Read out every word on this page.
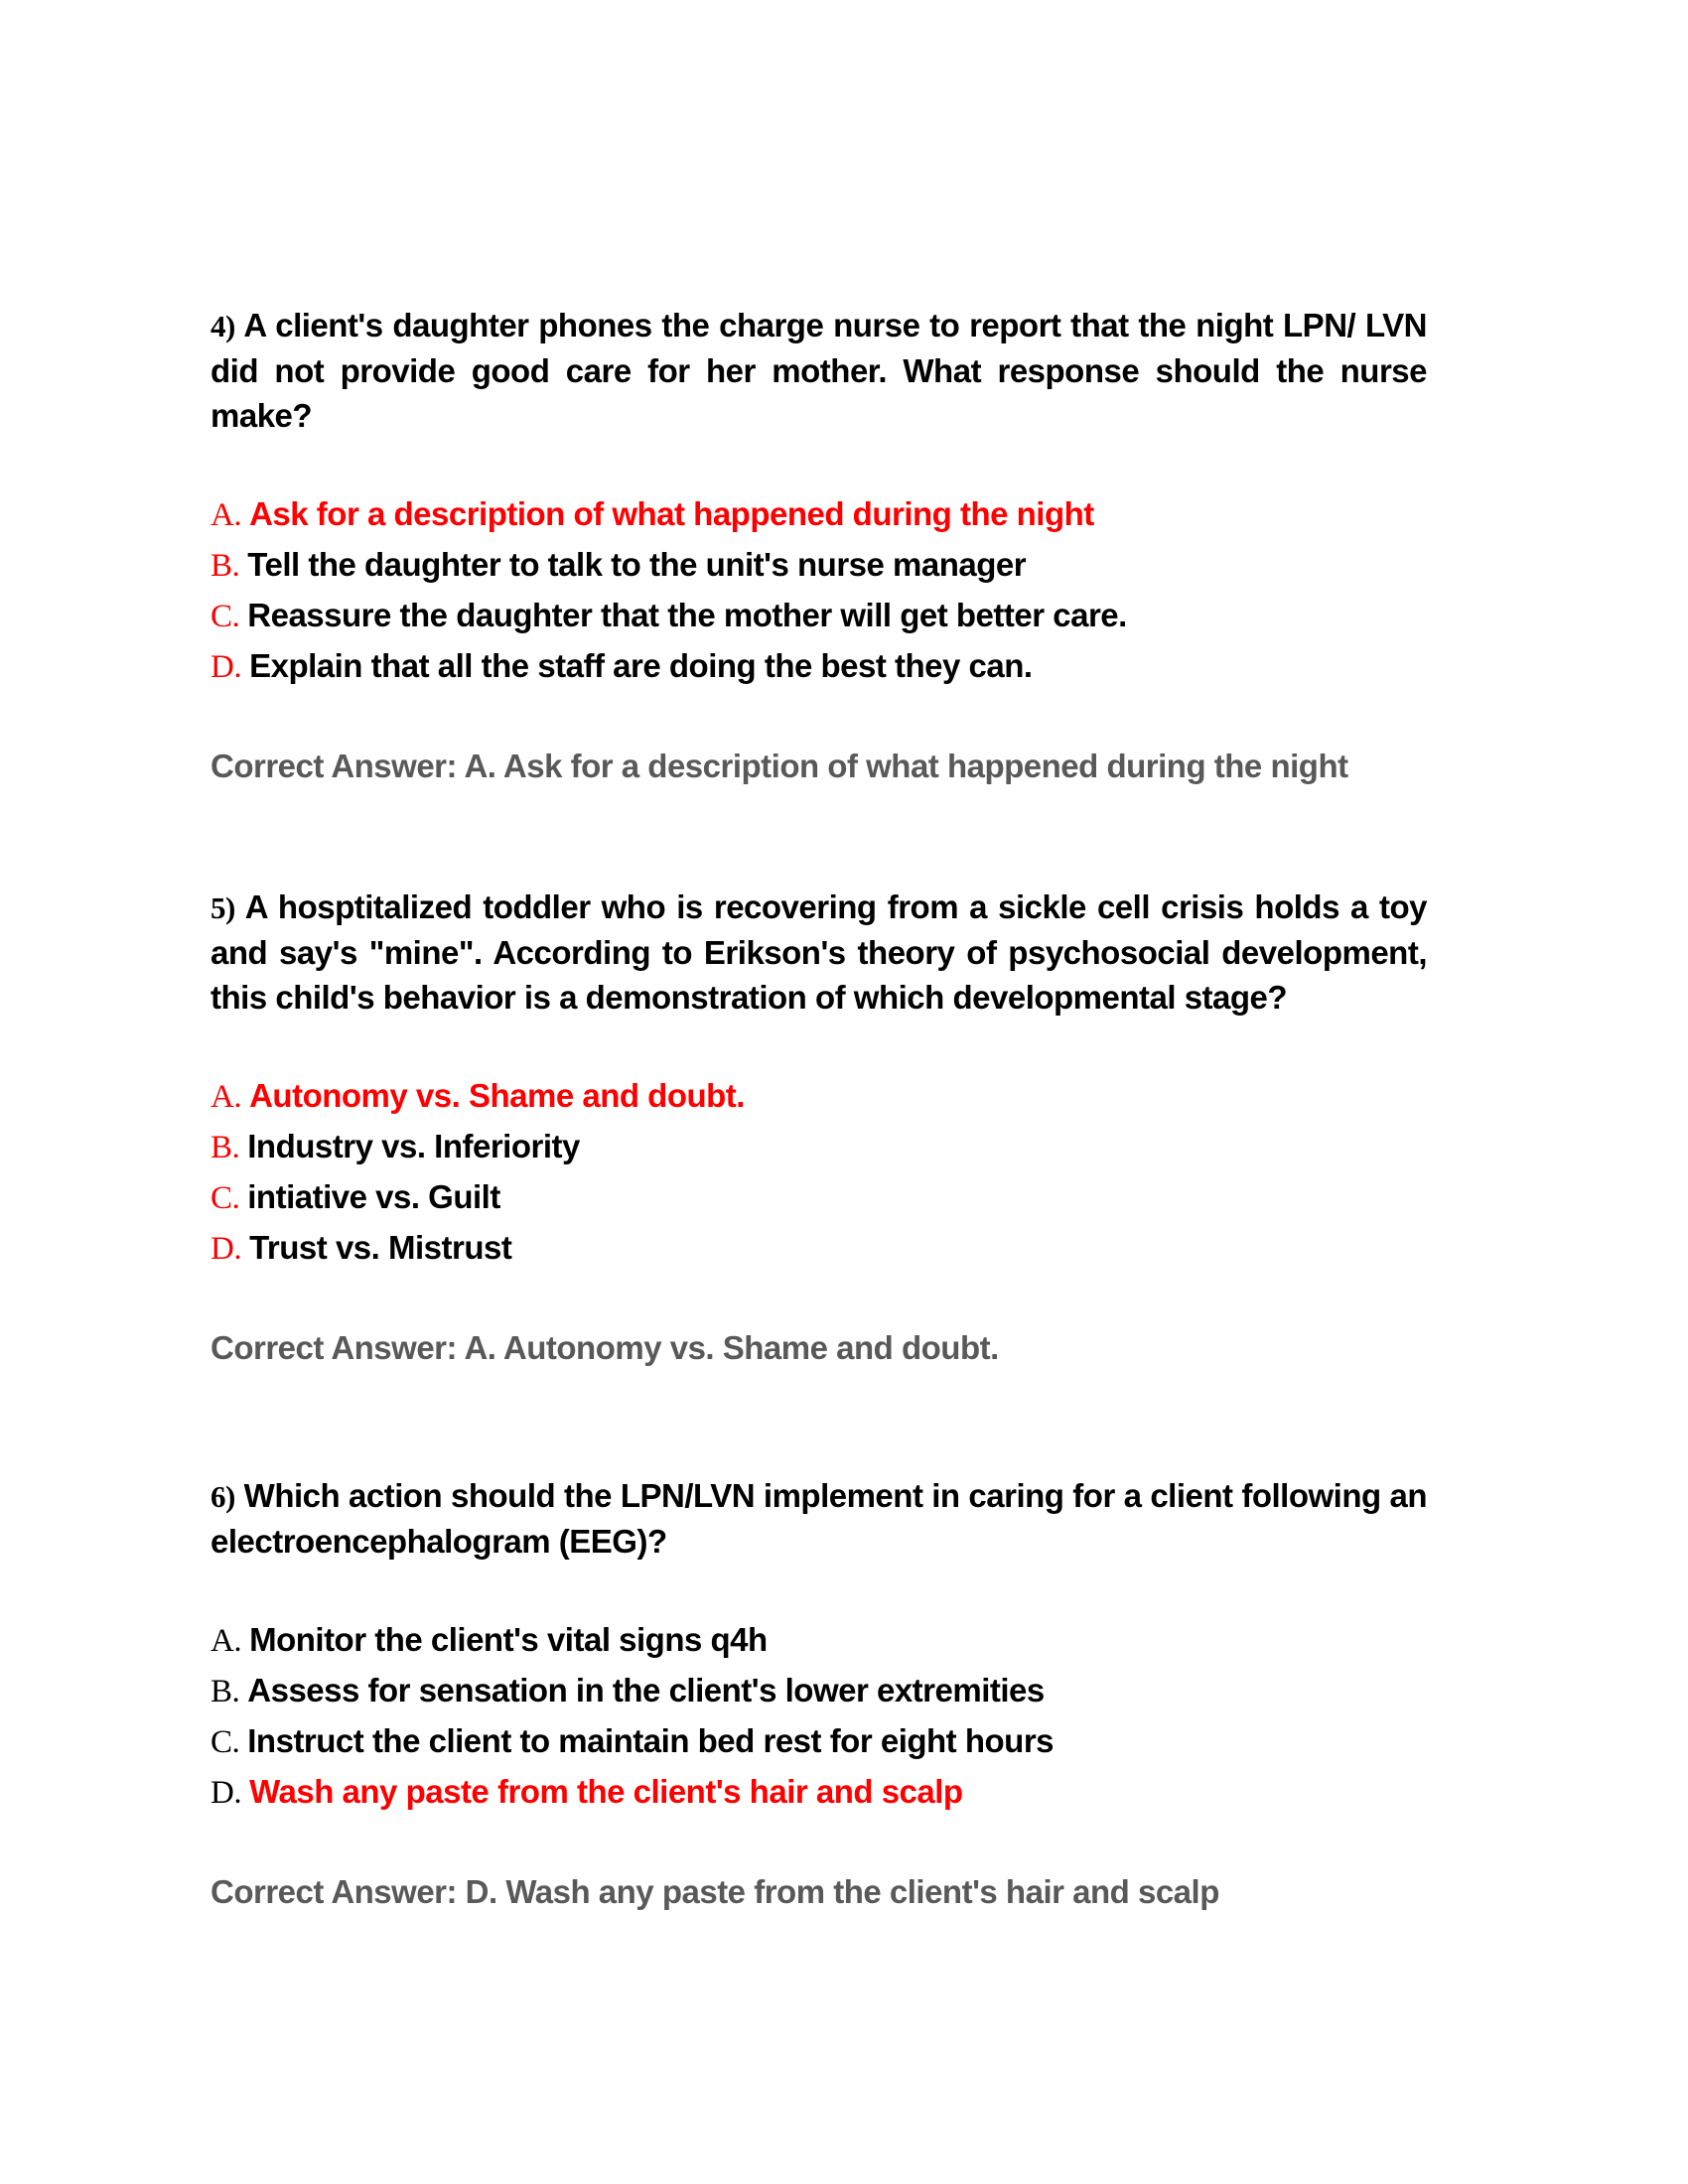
4) A client's daughter phones the charge nurse to report that the night LPN/ LVN did not provide good care for her mother. What response should the nurse make?

A. Ask for a description of what happened during the night
B. Tell the daughter to talk to the unit's nurse manager
C. Reassure the daughter that the mother will get better care.
D. Explain that all the staff are doing the best they can.
Correct Answer: A. Ask for a description of what happened during the night

5) A hosptitalized toddler who is recovering from a sickle cell crisis holds a toy and say's "mine". According to Erikson's theory of psychosocial development, this child's behavior is a demonstration of which developmental stage?

A. Autonomy vs. Shame and doubt.
B. Industry vs. Inferiority
C. intiative vs. Guilt
D. Trust vs. Mistrust
Correct Answer: A. Autonomy vs. Shame and doubt.

6) Which action should the LPN/LVN implement in caring for a client following an electroencephalogram (EEG)?

A. Monitor the client's vital signs q4h
B. Assess for sensation in the client's lower extremities
C. Instruct the client to maintain bed rest for eight hours
D. Wash any paste from the client's hair and scalp
Correct Answer: D. Wash any paste from the client's hair and scalp
